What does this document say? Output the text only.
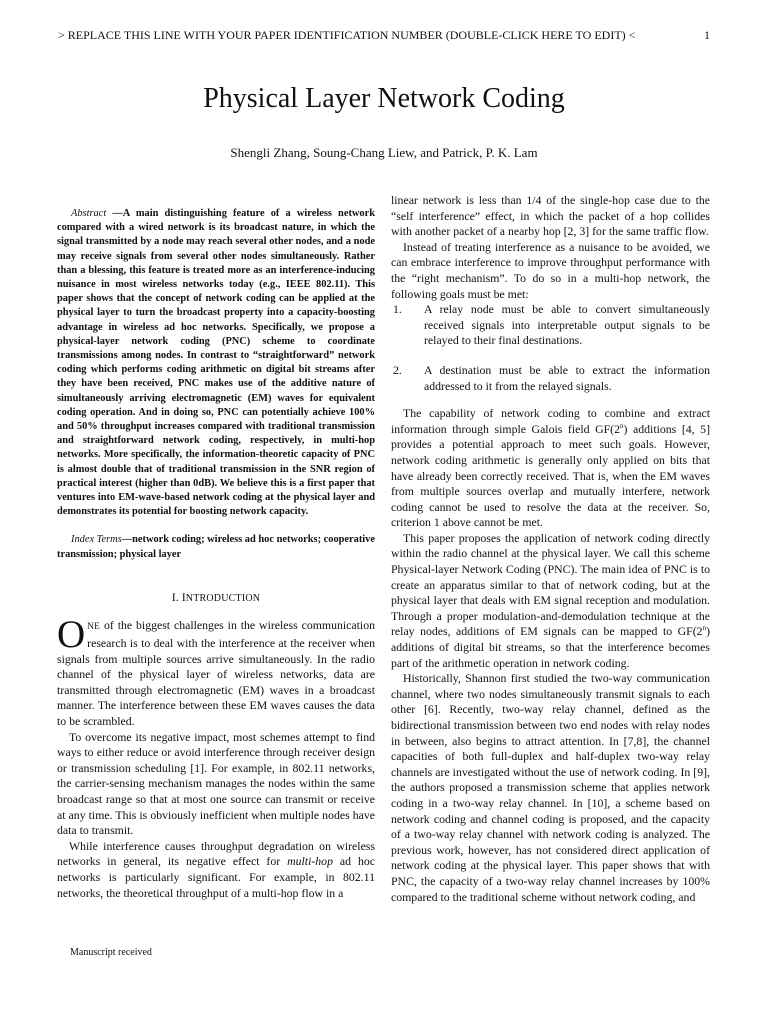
> REPLACE THIS LINE WITH YOUR PAPER IDENTIFICATION NUMBER (DOUBLE-CLICK HERE TO EDIT) <	1
Physical Layer Network Coding
Shengli Zhang, Soung-Chang Liew, and Patrick, P. K. Lam

Abstract —A main distinguishing feature of a wireless network compared with a wired network is its broadcast nature, in which the signal transmitted by a node may reach several other nodes, and a node may receive signals from several other nodes simultaneously. Rather than a blessing, this feature is treated more as an interference-inducing nuisance in most wireless networks today (e.g., IEEE 802.11). This paper shows that the concept of network coding can be applied at the physical layer to turn the broadcast property into a capacity-boosting advantage in wireless ad hoc networks. Specifically, we propose a physical-layer network coding (PNC) scheme to coordinate transmissions among nodes. In contrast to “straightforward” network coding which performs coding arithmetic on digital bit streams after they have been received, PNC makes use of the additive nature of simultaneously arriving electromagnetic (EM) waves for equivalent coding operation. And in doing so, PNC can potentially achieve 100% and 50% throughput increases compared with traditional transmission and straightforward network coding, respectively, in multi-hop networks. More specifically, the information-theoretic capacity of PNC is almost double that of traditional transmission in the SNR region of practical interest (higher than 0dB). We believe this is a first paper that ventures into EM-wave-based network coding at the physical layer and demonstrates its potential for boosting network capacity.

Index Terms—network coding; wireless ad hoc networks; cooperative transmission; physical layer

I. INTRODUCTION

ONE of the biggest challenges in the wireless communication research is to deal with the interference at the receiver when signals from multiple sources arrive simultaneously. In the radio channel of the physical layer of wireless networks, data are transmitted through electromagnetic (EM) waves in a broadcast manner. The interference between these EM waves causes the data to be scrambled.

To overcome its negative impact, most schemes attempt to find ways to either reduce or avoid interference through receiver design or transmission scheduling [1]. For example, in 802.11 networks, the carrier-sensing mechanism manages the nodes within the same broadcast range so that at most one source can transmit or receive at any time. This is obviously inefficient when multiple nodes have data to transmit.

While interference causes throughput degradation on wireless networks in general, its negative effect for multi-hop ad hoc networks is particularly significant. For example, in 802.11 networks, the theoretical throughput of a multi-hop flow in a

linear network is less than 1/4 of the single-hop case due to the “self interference” effect, in which the packet of a hop collides with another packet of a nearby hop [2, 3] for the same traffic flow.

Instead of treating interference as a nuisance to be avoided, we can embrace interference to improve throughput performance with the “right mechanism”. To do so in a multi-hop network, the following goals must be met:

1. A relay node must be able to convert simultaneously received signals into interpretable output signals to be relayed to their final destinations.
2. A destination must be able to extract the information addressed to it from the relayed signals.

The capability of network coding to combine and extract information through simple Galois field GF(2$^n$) additions [4, 5] provides a potential approach to meet such goals. However, network coding arithmetic is generally only applied on bits that have already been correctly received. That is, when the EM waves from multiple sources overlap and mutually interfere, network coding cannot be used to resolve the data at the receiver. So, criterion 1 above cannot be met.

This paper proposes the application of network coding directly within the radio channel at the physical layer. We call this scheme Physical-layer Network Coding (PNC). The main idea of PNC is to create an apparatus similar to that of network coding, but at the physical layer that deals with EM signal reception and modulation. Through a proper modulation-and-demodulation technique at the relay nodes, additions of EM signals can be mapped to GF(2$^n$) additions of digital bit streams, so that the interference becomes part of the arithmetic operation in network coding.

Historically, Shannon first studied the two-way communication channel, where two nodes simultaneously transmit signals to each other [6]. Recently, two-way relay channel, defined as the bidirectional transmission between two end nodes with relay nodes in between, also begins to attract attention. In [7,8], the channel capacities of both full-duplex and half-duplex two-way relay channels are investigated without the use of network coding. In [9], the authors proposed a transmission scheme that applies network coding in a two-way relay channel. In [10], a scheme based on network coding and channel coding is proposed, and the capacity of a two-way relay channel with network coding is analyzed. The previous work, however, has not considered direct application of network coding at the physical layer. This paper shows that with PNC, the capacity of a two-way relay channel increases by 100% compared to the traditional scheme without network coding, and

Manuscript received
